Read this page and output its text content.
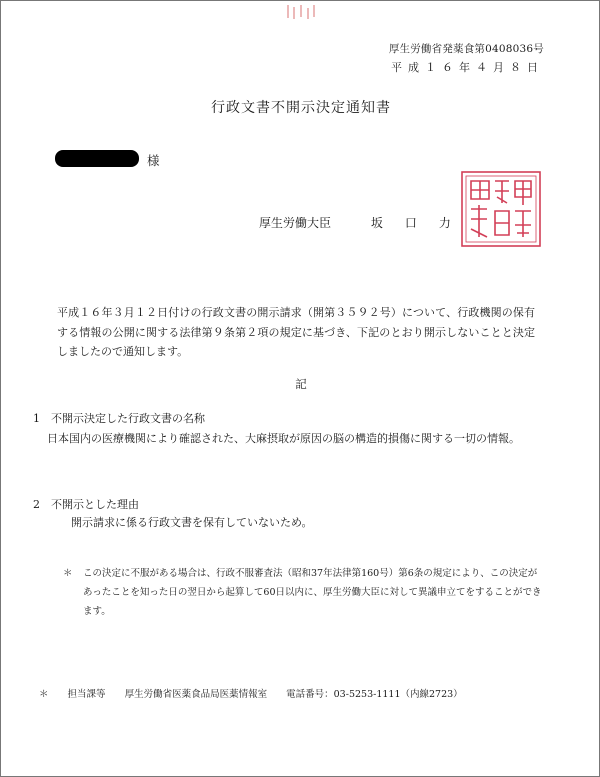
厚生労働省発薬食第0408036号
平成１６年４月８日
行政文書不開示決定通知書
様
厚生労働大臣	坂口力
平成１６年３月１２日付けの行政文書の開示請求（開第３５９２号）について、行政機関の保有する情報の公開に関する法律第９条第２項の規定に基づき、下記のとおり開示しないことと決定しましたので通知します。
記
1　不開示決定した行政文書の名称
日本国内の医療機関により確認された、大麻摂取が原因の脳の構造的損傷に関する一切の情報。
2　不開示とした理由
開示請求に係る行政文書を保有していないため。
＊ この決定に不服がある場合は、行政不服審査法（昭和37年法律第160号）第6条の規定により、この決定があったことを知った日の翌日から起算して60日以内に、厚生労働大臣に対して異議申立てをすることができます。
＊ 担当課等 厚生労働省医薬食品局医薬情報室 電話番号：03-5253-1111（内線2723）
